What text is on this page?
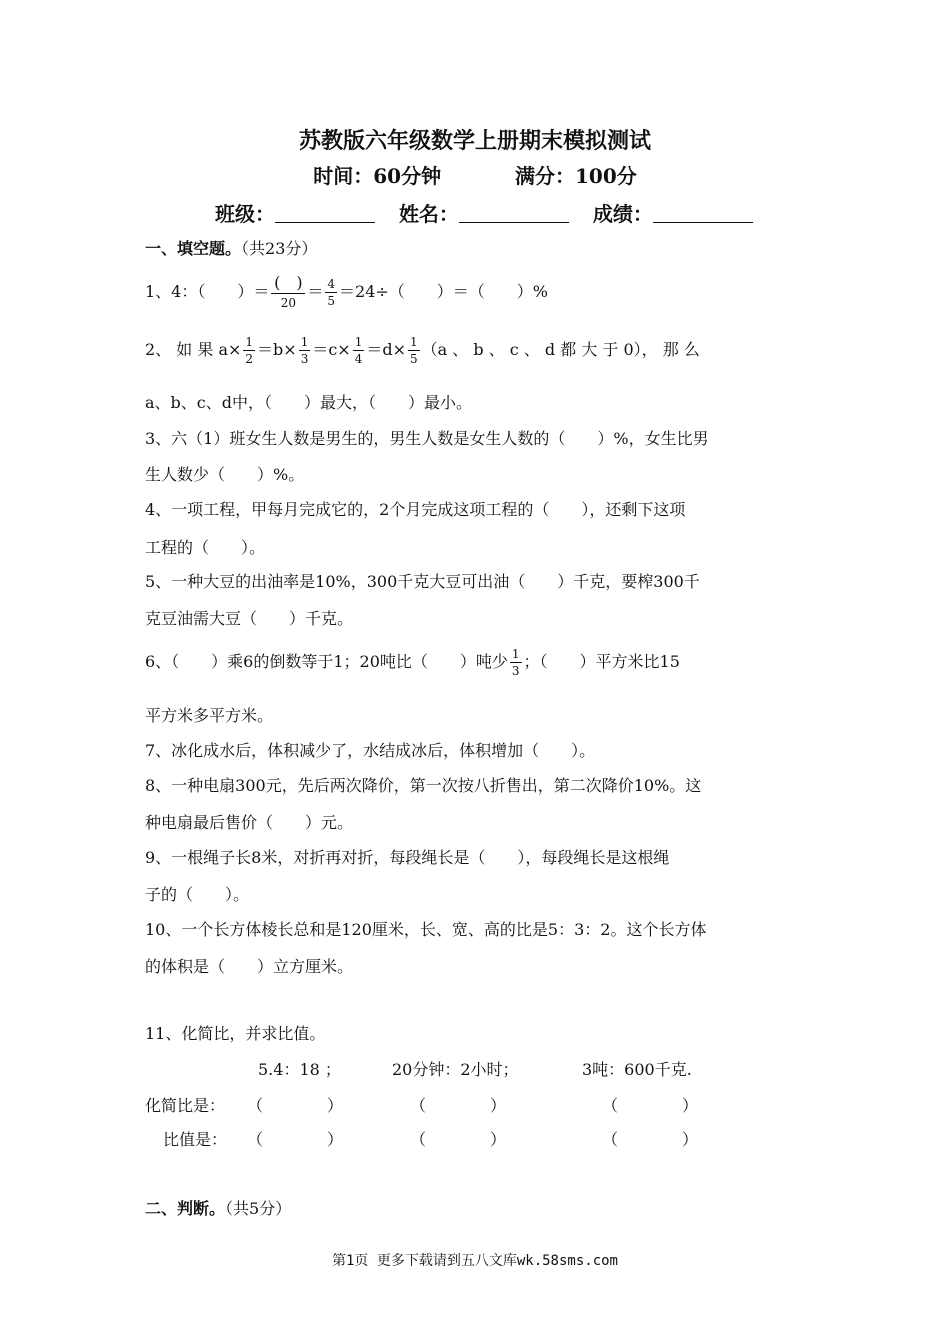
苏教版六年级数学上册期末模拟测试
时间：60分钟	满分：100分
班级：	姓名：	成绩：
一、填空题。（共23分）
1、4：（　　）＝ $\frac{( )}{20} = \frac{4}{5} =24\div$（　　）＝（　　）%
2、 如 果 $a\times \frac{1}{2} =b\times \frac{1}{3} =c\times \frac{1}{4} =d\times \frac{1}{5} (a$ 、 b 、 c 、 d 都 大 于 0）， 那 么
a、b、c、d中，（　　）最大，（　　）最小。
3、六（1）班女生人数是男生的，男生人数是女生人数的（　　）%，女生比男
生人数少（　　）%。
4、一项工程，甲每月完成它的，2个月完成这项工程的（　　），还剩下这项
工程的（　　）。
5、一种大豆的出油率是10%，300千克大豆可出油（　　）千克，要榨300千
克豆油需大豆（　　）千克。
6、（　　）乘6的倒数等于1；20吨比（　　）吨少 $\frac{1}{3}$ ；（　　）平方米比15
平方米多平方米。
7、冰化成水后，体积减少了，水结成冰后，体积增加（　　）。
8、一种电扇300元，先后两次降价，第一次按八折售出，第二次降价10%。这
种电扇最后售价（　　）元。
9、一根绳子长8米，对折再对折，每段绳长是（　　），每段绳长是这根绳
子的（　　）。
10、一个长方体棱长总和是120厘米，长、宽、高的比是5：3：2。这个长方体
的体积是（　　）立方厘米。
11、化简比，并求比值。
5.4：18 ；	20分钟：2小时；	3吨：600千克.
化简比是： （　　　　）	（　　　　）	（　　　　）
比值是： （　　　　）	（　　　　）	（　　　　）
二、判断。（共5分）
第1页 更多下载请到五八文库wk.58sms.com
